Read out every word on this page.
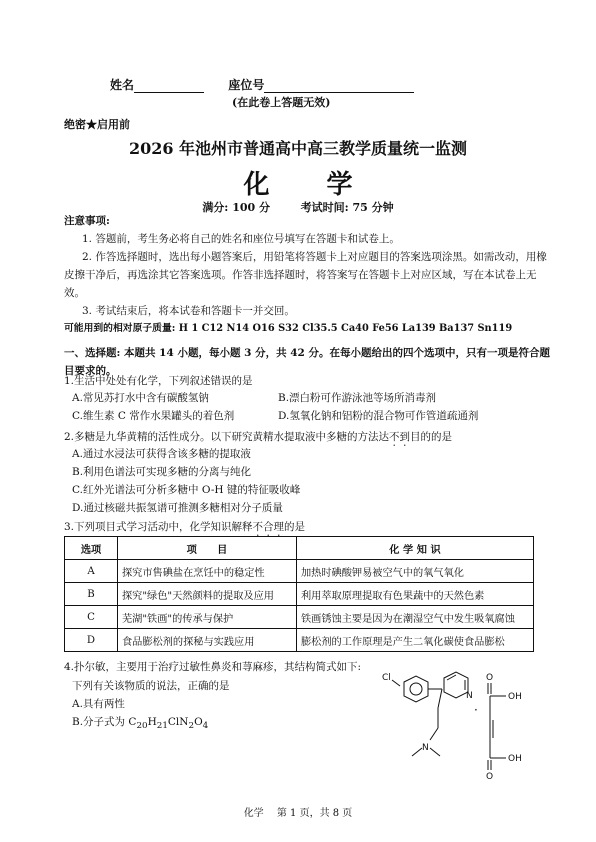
姓名	座位号
(在此卷上答题无效)
绝密★启用前
2026 年池州市普通高中高三教学质量统一监测
化 学
满分: 100 分        考试时间: 75 分钟
注意事项:
1. 答题前，考生务必将自己的姓名和座位号填写在答题卡和试卷上。
2. 作答选择题时，选出每小题答案后，用铅笔将答题卡上对应题目的答案选项涂黑。如需改动，用橡皮擦干净后，再选涂其它答案选项。作答非选择题时，将答案写在答题卡上对应区域，写在本试卷上无效。
3. 考试结束后，将本试卷和答题卡一并交回。
可能用到的相对原子质量: H 1 C12 N14 O16 S32 Cl35.5 Ca40 Fe56 La139 Ba137 Sn119
一、选择题: 本题共 14 小题，每小题 3 分，共 42 分。在每小题给出的四个选项中，只有一项是符合题目要求的。
1.生活中处处有化学，下列叙述错误的是
A.常见苏打水中含有碳酸氢钠	B.漂白粉可作游泳池等场所消毒剂
C.维生素 C 常作水果罐头的着色剂	D.氢氧化钠和铝粉的混合物可作管道疏通剂
2.多糖是九华黄精的活性成分。以下研究黄精水提取液中多糖的方法达不到目的的是
A.通过水浸法可获得含该多糖的提取液
B.利用色谱法可实现多糖的分离与纯化
C.红外光谱法可分析多糖中 O-H 键的特征吸收峰
D.通过核磁共振氢谱可推测多糖相对分子质量
3.下列项目式学习活动中，化学知识解释不合理的是
选项	项　　目	化 学 知 识
A	探究市售碘盐在烹饪中的稳定性	加热时碘酸钾易被空气中的氧气氧化
B	探究"绿色"天然颜料的提取及应用	利用萃取原理提取有色果蔬中的天然色素
C	芜湖"铁画"的传承与保护	铁画锈蚀主要是因为在潮湿空气中发生吸氧腐蚀
D	食品膨松剂的探秘与实践应用	膨松剂的工作原理是产生二氧化碳使食品膨松
4.扑尔敏，主要用于治疗过敏性鼻炎和荨麻疹，其结构简式如下:
下列有关该物质的说法，正确的是
A.具有两性
B.分子式为 $C_{20}H_{21}ClN_2O_4$
Cl
N
N
·
O
OH
OH
O
化学　 第 1 页，共 8 页
